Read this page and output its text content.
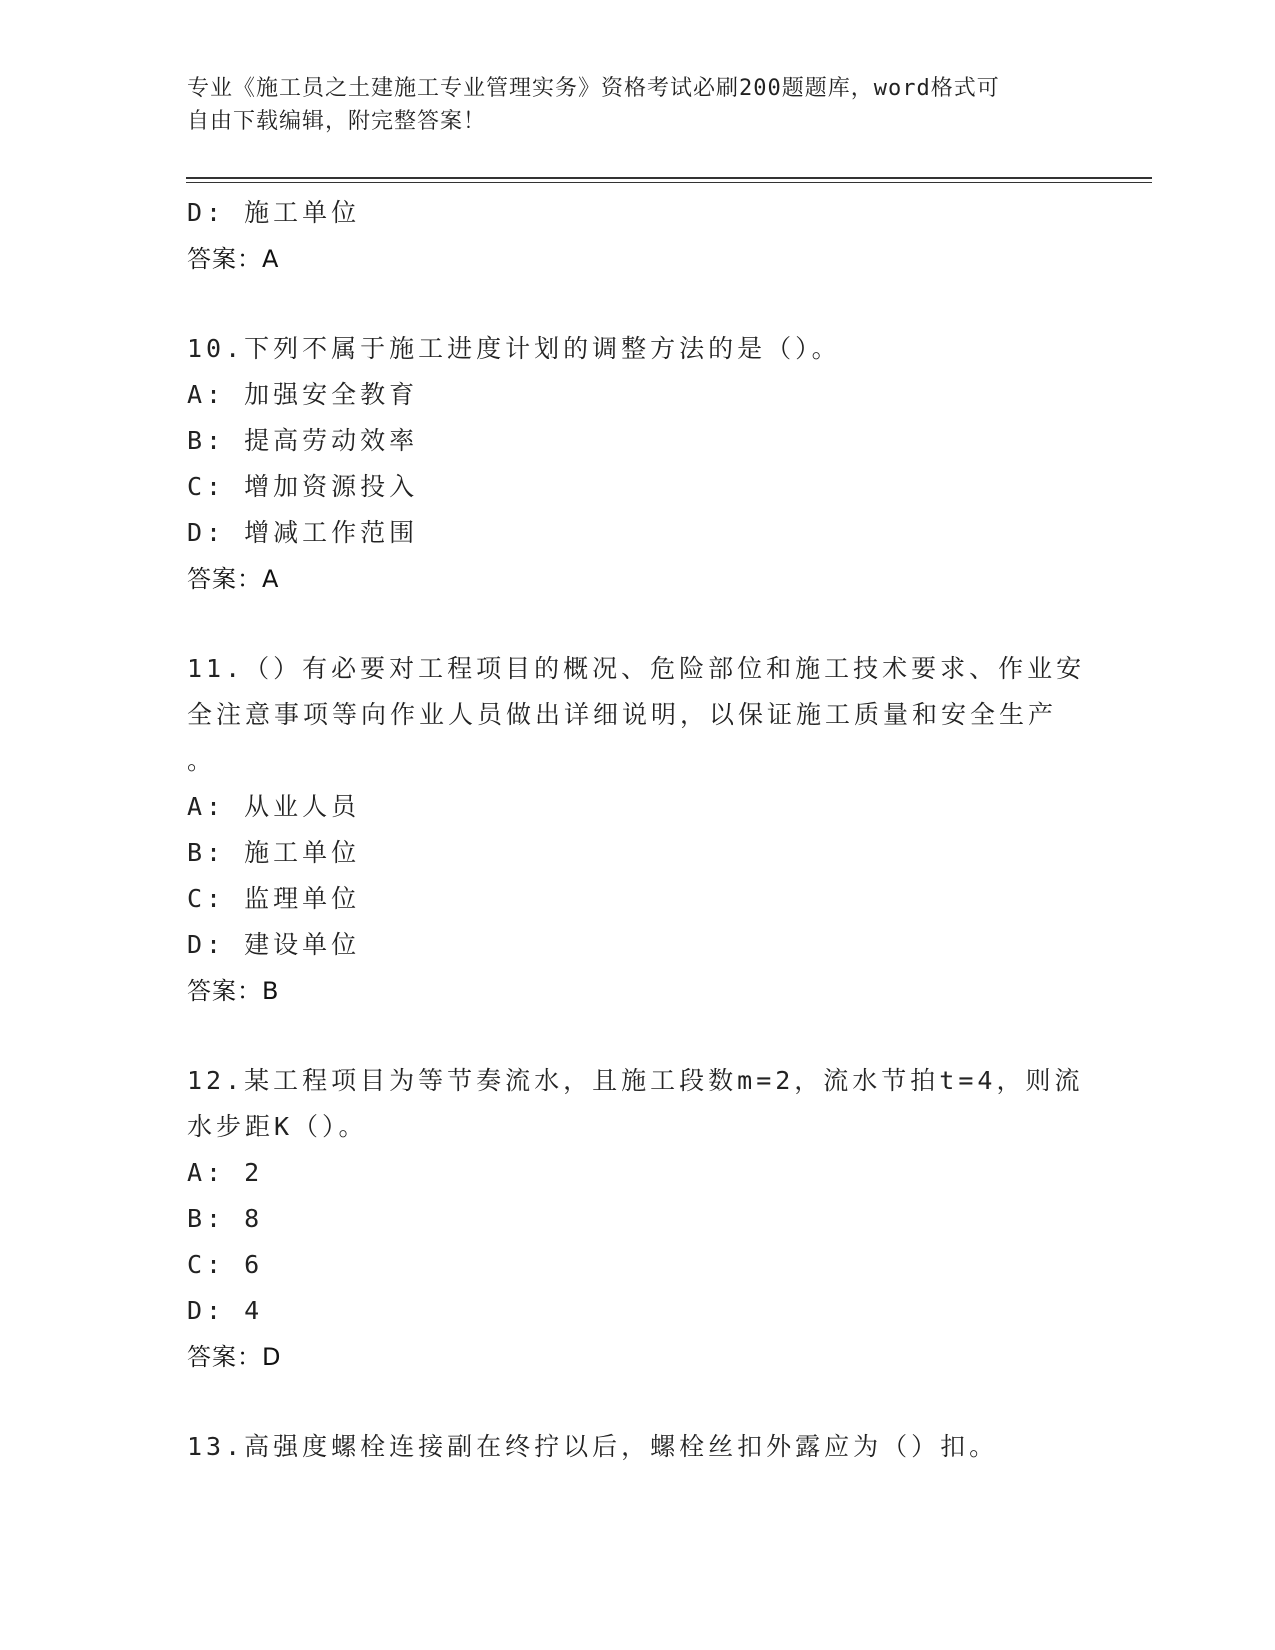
专业《施工员之土建施工专业管理实务》资格考试必刷200题题库，word格式可
自由下载编辑，附完整答案！
D: 施工单位
答案：A
10.下列不属于施工进度计划的调整方法的是（）。
A: 加强安全教育
B: 提高劳动效率
C: 增加资源投入
D: 增减工作范围
答案：A
11.（）有必要对工程项目的概况、危险部位和施工技术要求、作业安
全注意事项等向作业人员做出详细说明，以保证施工质量和安全生产
。
A: 从业人员
B: 施工单位
C: 监理单位
D: 建设单位
答案：B
12.某工程项目为等节奏流水，且施工段数m=2，流水节拍t=4，则流
水步距K（）。
A: 2
B: 8
C: 6
D: 4
答案：D
13.高强度螺栓连接副在终拧以后，螺栓丝扣外露应为（）扣。
